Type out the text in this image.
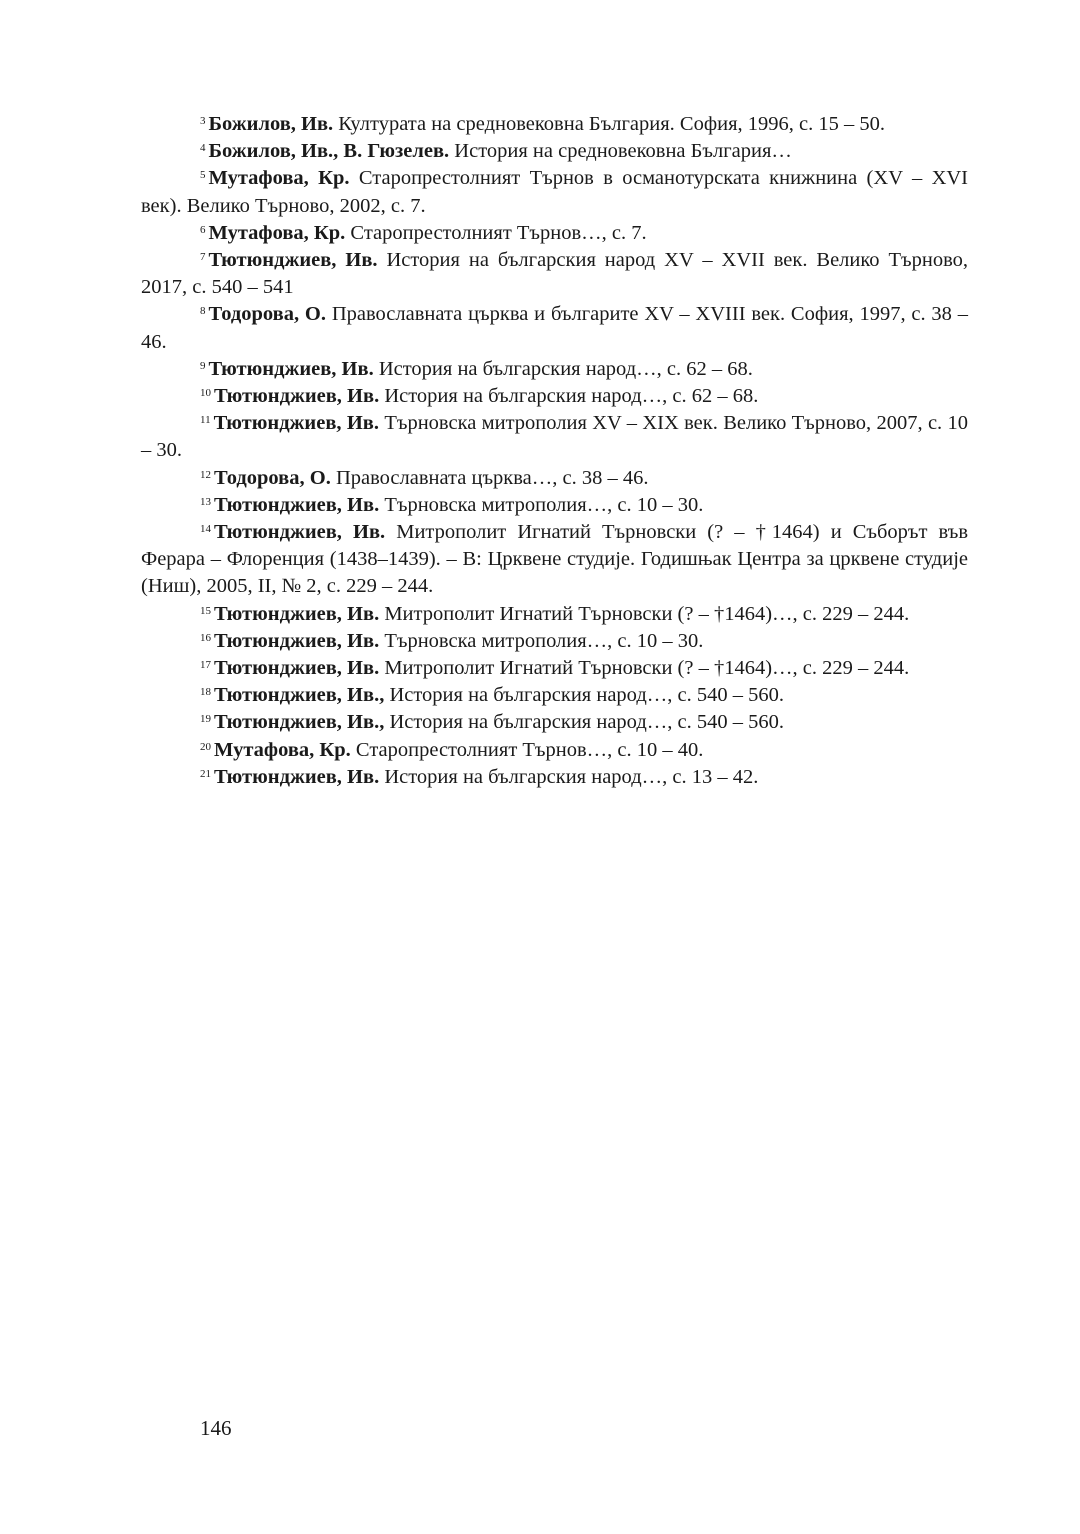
$^3$ Божилов, Ив. Културата на средновековна България. София, 1996, с. 15 – 50.

$^4$ Божилов, Ив., В. Гюзелев. История на средновековна България…

$^5$ Мутафова, Кр. Старопрестолният Търнов в османотурската книжнина (XV – XVI век). Велико Търново, 2002, с. 7.

$^6$ Мутафова, Кр. Старопрестолният Търнов…, с. 7.

$^7$ Тютюнджиев, Ив. История на българския народ XV – XVII век. Велико Търново, 2017, с. 540 – 541

$^8$ Тодорова, О. Православната църква и българите XV – XVIII век. София, 1997, с. 38 – 46.

$^9$ Тютюнджиев, Ив. История на българския народ…, с. 62 – 68.

$^{10}$ Тютюнджиев, Ив. История на българския народ…, с. 62 – 68.

$^{11}$ Тютюнджиев, Ив. Търновска митрополия XV – XIX век. Велико Търново, 2007, с. 10 – 30.

$^{12}$ Тодорова, О. Православната църква…, с. 38 – 46.

$^{13}$ Тютюнджиев, Ив. Търновска митрополия…, с. 10 – 30.

$^{14}$ Тютюнджиев, Ив. Митрополит Игнатий Търновски (? – †1464) и Съборът във Ферара – Флоренция (1438–1439). – В: Црквене студије. Годишњак Центра за црквене студије (Ниш), 2005, II, № 2, с. 229 – 244.

$^{15}$ Тютюнджиев, Ив. Митрополит Игнатий Търновски (? – †1464)…, с. 229 – 244.

$^{16}$ Тютюнджиев, Ив. Търновска митрополия…, с. 10 – 30.

$^{17}$ Тютюнджиев, Ив. Митрополит Игнатий Търновски (? – †1464)…, с. 229 – 244.

$^{18}$ Тютюнджиев, Ив., История на българския народ…, с. 540 – 560.

$^{19}$ Тютюнджиев, Ив., История на българския народ…, с. 540 – 560.

$^{20}$ Мутафова, Кр. Старопрестолният Търнов…, с. 10 – 40.

$^{21}$ Тютюнджиев, Ив. История на българския народ…, с. 13 – 42.

146
